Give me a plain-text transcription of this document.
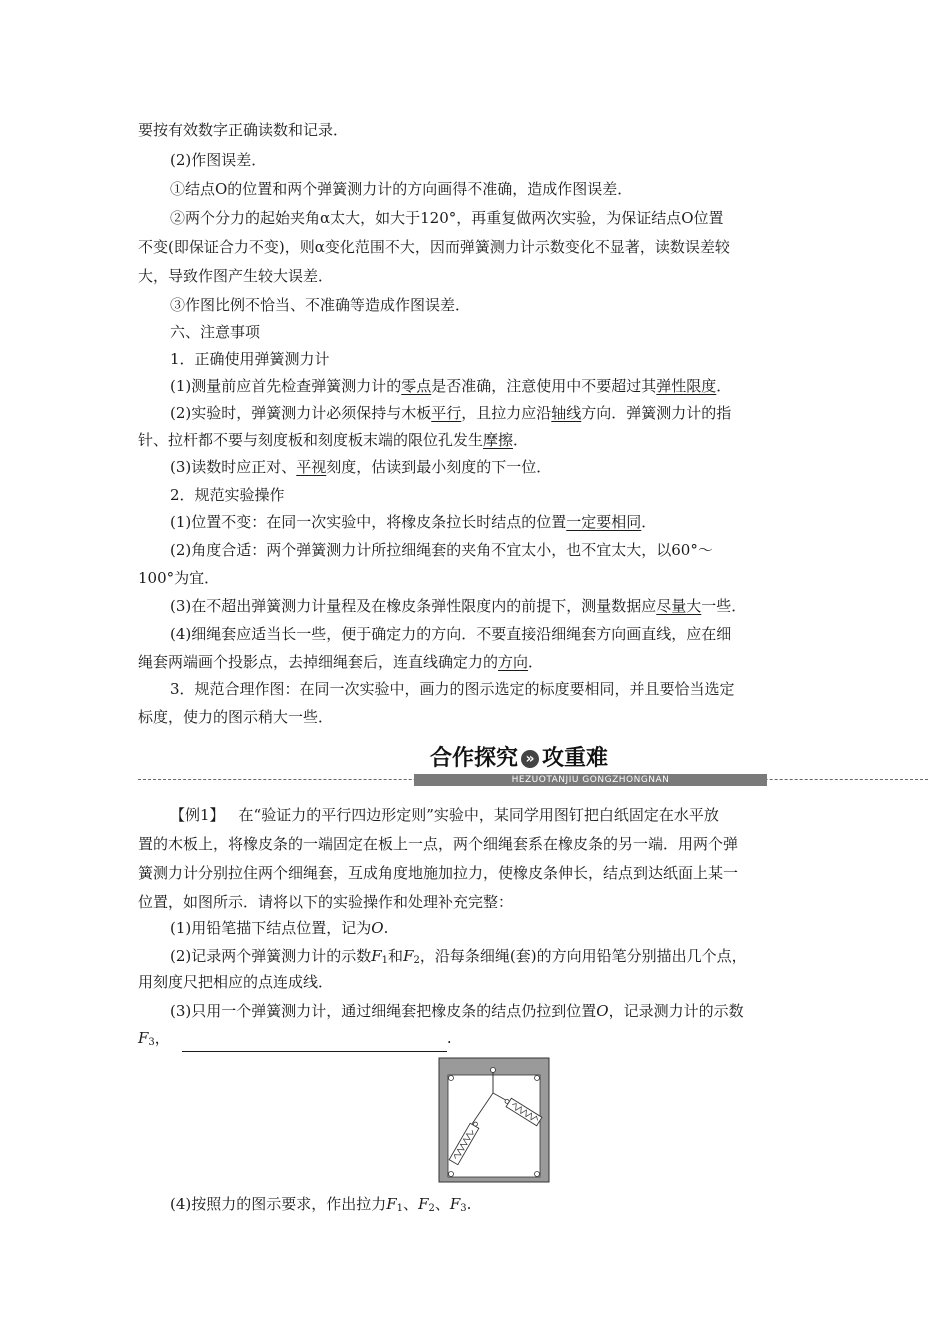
要按有效数字正确读数和记录．

(2)作图误差．

①结点O的位置和两个弹簧测力计的方向画得不准确，造成作图误差．

②两个分力的起始夹角α太大，如大于120°，再重复做两次实验，为保证结点O位置

不变(即保证合力不变)，则α变化范围不大，因而弹簧测力计示数变化不显著，读数误差较

大，导致作图产生较大误差．

③作图比例不恰当、不准确等造成作图误差．

六、注意事项

1．正确使用弹簧测力计

(1)测量前应首先检查弹簧测力计的零点是否准确，注意使用中不要超过其弹性限度．

(2)实验时，弹簧测力计必须保持与木板平行，且拉力应沿轴线方向．弹簧测力计的指

针、拉杆都不要与刻度板和刻度板末端的限位孔发生摩擦．

(3)读数时应正对、平视刻度，估读到最小刻度的下一位．

2．规范实验操作

(1)位置不变：在同一次实验中，将橡皮条拉长时结点的位置一定要相同．

(2)角度合适：两个弹簧测力计所拉细绳套的夹角不宜太小，也不宜太大，以60°～

100°为宜．

(3)在不超出弹簧测力计量程及在橡皮条弹性限度内的前提下，测量数据应尽量大一些．

(4)细绳套应适当长一些，便于确定力的方向．不要直接沿细绳套方向画直线，应在细

绳套两端画个投影点，去掉细绳套后，连直线确定力的方向．

3．规范合理作图：在同一次实验中，画力的图示选定的标度要相同，并且要恰当选定

标度，使力的图示稍大一些．

合作探究 » 攻重难
HEZUOTANJIU GONGZHONGNAN

【例1】 在“验证力的平行四边形定则”实验中，某同学用图钉把白纸固定在水平放

置的木板上，将橡皮条的一端固定在板上一点，两个细绳套系在橡皮条的另一端．用两个弹

簧测力计分别拉住两个细绳套，互成角度地施加拉力，使橡皮条伸长，结点到达纸面上某一

位置，如图所示．请将以下的实验操作和处理补充完整：

(1)用铅笔描下结点位置，记为O.

(2)记录两个弹簧测力计的示数$F_1$和$F_2$，沿每条细绳(套)的方向用铅笔分别描出几个点，

用刻度尺把相应的点连成线．

(3)只用一个弹簧测力计，通过细绳套把橡皮条的结点仍拉到位置O，记录测力计的示数

$F_3$，	.

(4)按照力的图示要求，作出拉力$F_1$、$F_2$、$F_3$.
